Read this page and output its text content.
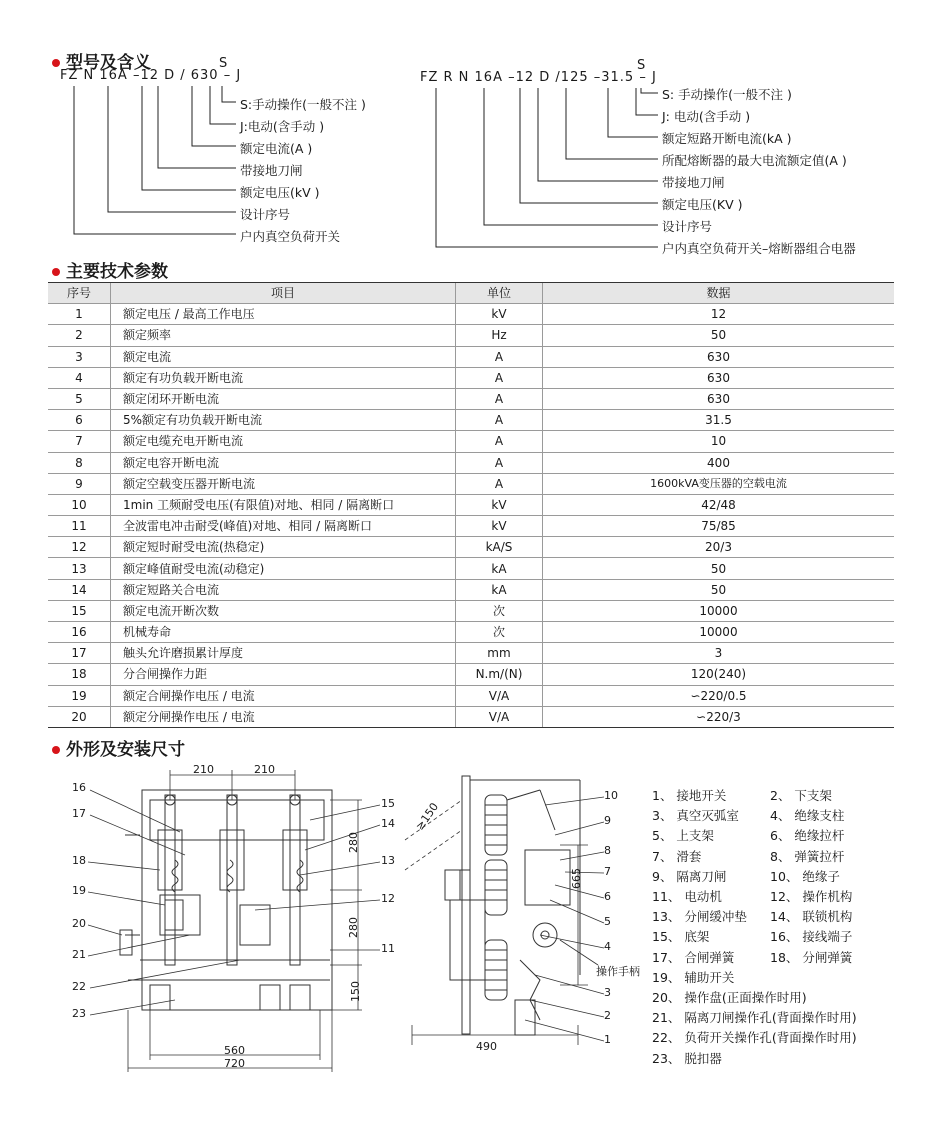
型号及含义	S
FZ N 16A –12 D / 630 – J
S:手动操作(一般不注 )
J:电动(含手动 )
额定电流(A )
带接地刀闸
额定电压(kV )
设计序号
户内真空负荷开关
S
FZ R N 16A –12 D /125 –31.5 – J
S: 手动操作(一般不注 )
J: 电动(含手动 )
额定短路开断电流(kA )
所配熔断器的最大电流额定值(A )
带接地刀闸
额定电压(KV )
设计序号
户内真空负荷开关–熔断器组合电器
主要技术参数
序号	项目	单位	数据
1	额定电压 / 最高工作电压	kV	12
2	额定频率	Hz	50
3	额定电流	A	630
4	额定有功负载开断电流	A	630
5	额定闭环开断电流	A	630
6	5%额定有功负载开断电流	A	31.5
7	额定电缆充电开断电流	A	10
8	额定电容开断电流	A	400
9	额定空载变压器开断电流	A	1600kVA变压器的空载电流
10	1min 工频耐受电压(有限值)对地、相同 / 隔离断口	kV	42/48
11	全波雷电冲击耐受(峰值)对地、相同 / 隔离断口	kV	75/85
12	额定短时耐受电流(热稳定)	kA/S	20/3
13	额定峰值耐受电流(动稳定)	kA	50
14	额定短路关合电流	kA	50
15	额定电流开断次数	次	10000
16	机械寿命	次	10000
17	触头允许磨损累计厚度	mm	3
18	分合闸操作力距	N.m/(N)	120(240)
19	额定合闸操作电压 / 电流	V/A	∽220/0.5
20	额定分闸操作电压 / 电流	V/A	∽220/3
外形及安装尺寸
210	210
280
280
150
560
720
16
17
18
19
20
21
22
23
15
14
13
12
11
≥150
665
490
操作手柄
10
9
8
7
6
5
4
3
2
1
1、 接地开关	2、 下支架
3、 真空灭弧室 4、 绝缘支柱
5、 上支架	6、 绝缘拉杆
7、 滑套	8、 弹簧拉杆
9、 隔离刀闸	10、 绝缘子
11、 电动机	12、 操作机构
13、 分闸缓冲垫 14、 联锁机构
15、 底架	16、 接线端子
17、 合闸弹簧	18、 分闸弹簧
19、 辅助开关
20、 操作盘(正面操作时用)
21、 隔离刀闸操作孔(背面操作时用)
22、 负荷开关操作孔(背面操作时用)
23、 脱扣器
